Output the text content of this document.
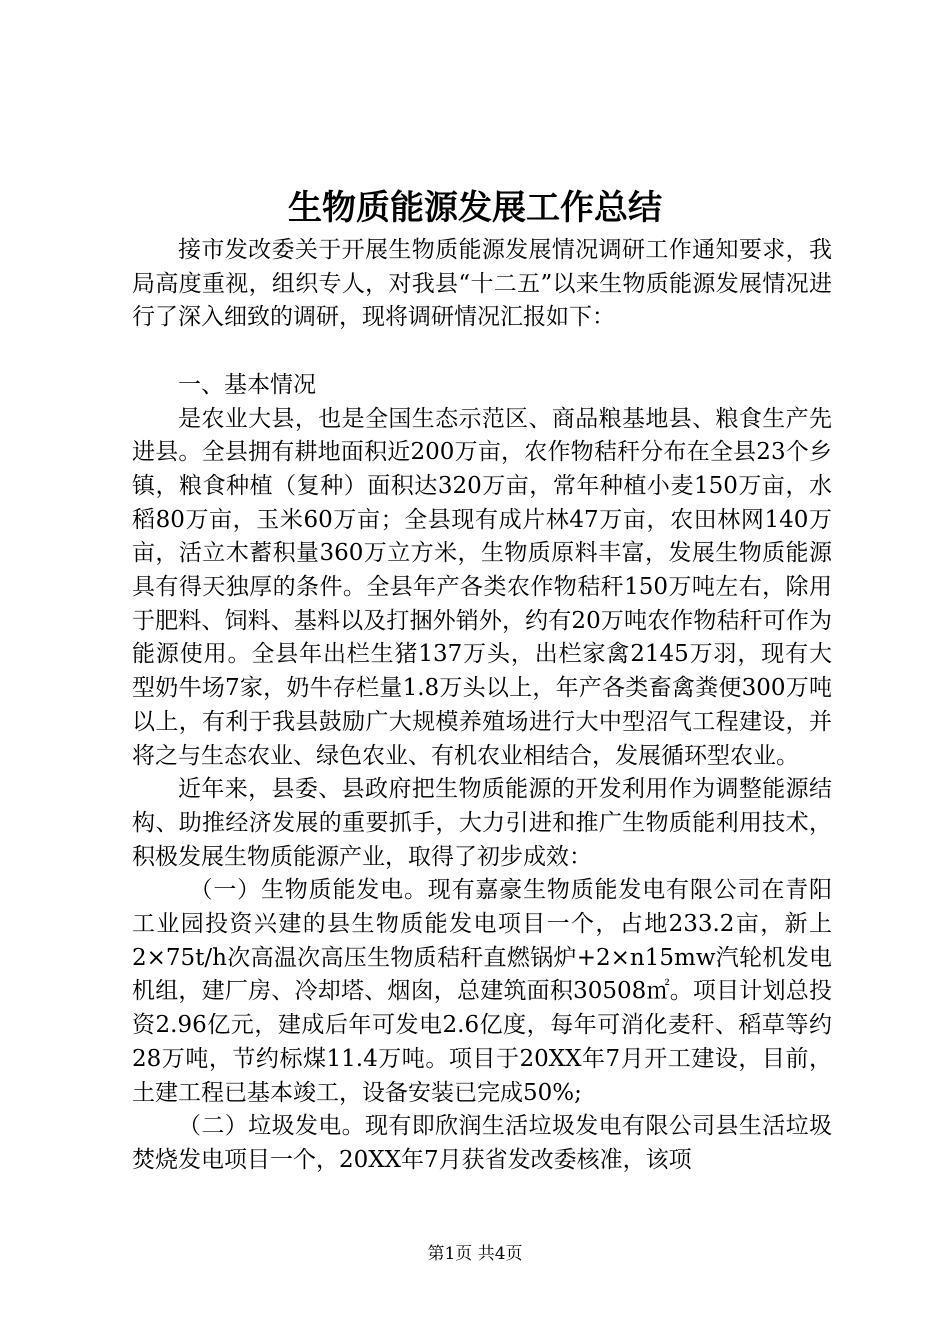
生物质能源发展工作总结

接市发改委关于开展生物质能源发展情况调研工作通知要求，我局高度重视，组织专人，对我县“十二五”以来生物质能源发展情况进行了深入细致的调研，现将调研情况汇报如下：

一、基本情况

是农业大县，也是全国生态示范区、商品粮基地县、粮食生产先进县。全县拥有耕地面积近200万亩，农作物秸秆分布在全县23个乡镇，粮食种植（复种）面积达320万亩，常年种植小麦150万亩，水稻80万亩，玉米60万亩；全县现有成片林47万亩，农田林网140万亩，活立木蓄积量360万立方米，生物质原料丰富，发展生物质能源具有得天独厚的条件。全县年产各类农作物秸秆150万吨左右，除用于肥料、饲料、基料以及打捆外销外，约有20万吨农作物秸秆可作为能源使用。全县年出栏生猪137万头，出栏家禽2145万羽，现有大型奶牛场7家，奶牛存栏量1.8万头以上，年产各类畜禽粪便300万吨以上，有利于我县鼓励广大规模养殖场进行大中型沼气工程建设，并将之与生态农业、绿色农业、有机农业相结合，发展循环型农业。

近年来，县委、县政府把生物质能源的开发利用作为调整能源结构、助推经济发展的重要抓手，大力引进和推广生物质能利用技术，积极发展生物质能源产业，取得了初步成效：

（一）生物质能发电。现有嘉豪生物质能发电有限公司在青阳工业园投资兴建的县生物质能发电项目一个，占地233.2亩，新上2×75t/h次高温次高压生物质秸秆直燃锅炉+2×n15mw汽轮机发电机组，建厂房、冷却塔、烟囱，总建筑面积30508㎡。项目计划总投资2.96亿元，建成后年可发电2.6亿度，每年可消化麦秆、稻草等约28万吨，节约标煤11.4万吨。项目于20XX年7月开工建设，目前，土建工程已基本竣工，设备安装已完成50%;

（二）垃圾发电。现有即欣润生活垃圾发电有限公司县生活垃圾焚烧发电项目一个，20XX年7月获省发改委核准，该项

第1页 共4页
